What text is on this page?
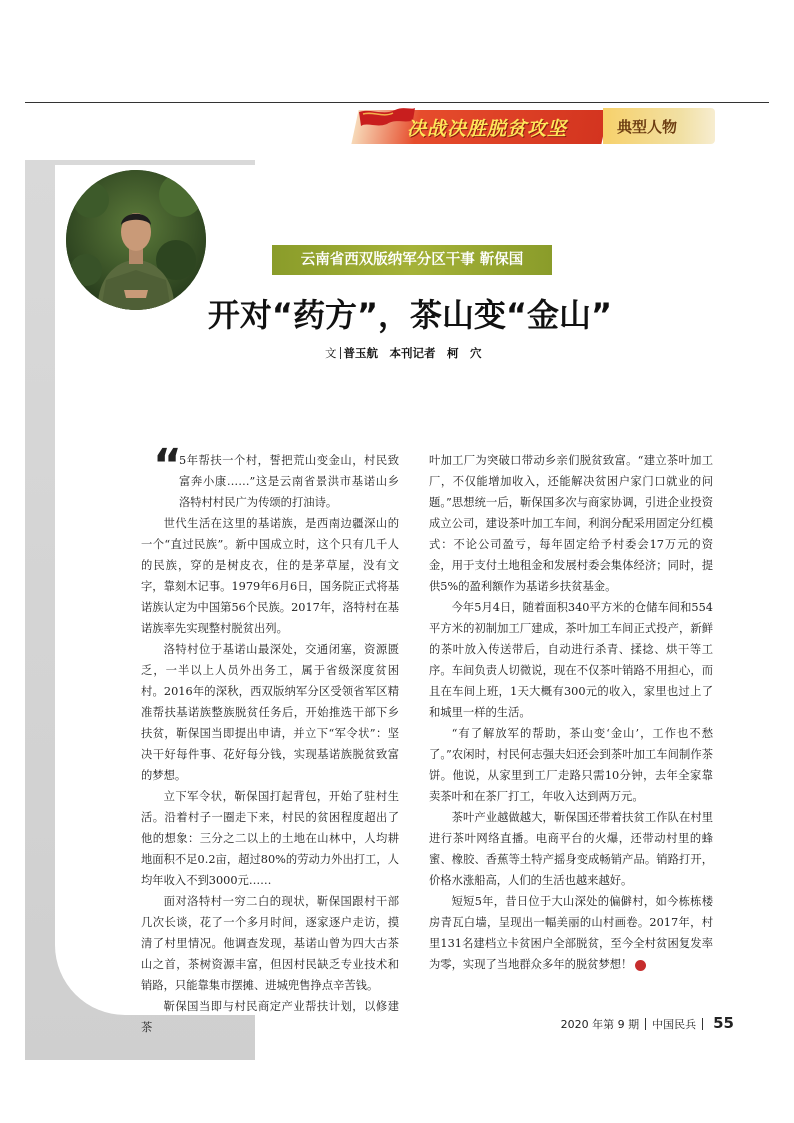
决战决胜脱贫攻坚	典型人物
云南省西双版纳军分区干事 靳保国
开对“药方”，茶山变“金山”
文 普玉航　本刊记者　柯　穴
“

5年帮扶一个村，誓把荒山变金山，村民致富奔小康……”这是云南省景洪市基诺山乡洛特村村民广为传颂的打油诗。

世代生活在这里的基诺族，是西南边疆深山的一个“直过民族”。新中国成立时，这个只有几千人的民族，穿的是树皮衣，住的是茅草屋，没有文字，靠刻木记事。1979年6月6日，国务院正式将基诺族认定为中国第56个民族。2017年，洛特村在基诺族率先实现整村脱贫出列。

洛特村位于基诺山最深处，交通闭塞，资源匮乏，一半以上人员外出务工，属于省级深度贫困村。2016年的深秋，西双版纳军分区受领省军区精准帮扶基诺族整族脱贫任务后，开始推选干部下乡扶贫，靳保国当即提出申请，并立下“军令状”：坚决干好每件事、花好每分钱，实现基诺族脱贫致富的梦想。

立下军令状，靳保国打起背包，开始了驻村生活。沿着村子一圈走下来，村民的贫困程度超出了他的想象：三分之二以上的土地在山林中，人均耕地面积不足0.2亩，超过80%的劳动力外出打工，人均年收入不到3000元……

面对洛特村一穷二白的现状，靳保国跟村干部几次长谈，花了一个多月时间，逐家逐户走访，摸清了村里情况。他调查发现，基诺山曾为四大古茶山之首，茶树资源丰富，但因村民缺乏专业技术和销路，只能靠集市摆摊、进城兜售挣点辛苦钱。

靳保国当即与村民商定产业帮扶计划，以修建茶

叶加工厂为突破口带动乡亲们脱贫致富。“建立茶叶加工厂，不仅能增加收入，还能解决贫困户家门口就业的问题。”思想统一后，靳保国多次与商家协调，引进企业投资成立公司，建设茶叶加工车间，利润分配采用固定分红模式：不论公司盈亏，每年固定给予村委会17万元的资金，用于支付土地租金和发展村委会集体经济；同时，提供5%的盈利额作为基诺乡扶贫基金。

今年5月4日，随着面积340平方米的仓储车间和554平方米的初制加工厂建成，茶叶加工车间正式投产，新鲜的茶叶放入传送带后，自动进行杀青、揉捻、烘干等工序。车间负责人切微说，现在不仅茶叶销路不用担心，而且在车间上班，1天大概有300元的收入，家里也过上了和城里一样的生活。

“有了解放军的帮助，茶山变‘金山’，工作也不愁了。”农闲时，村民何志强夫妇还会到茶叶加工车间制作茶饼。他说，从家里到工厂走路只需10分钟，去年全家靠卖茶叶和在茶厂打工，年收入达到两万元。

茶叶产业越做越大，靳保国还带着扶贫工作队在村里进行茶叶网络直播。电商平台的火爆，还带动村里的蜂蜜、橡胶、香蕉等土特产摇身变成畅销产品。销路打开，价格水涨船高，人们的生活也越来越好。

短短5年，昔日位于大山深处的偏僻村，如今栋栋楼房青瓦白墙，呈现出一幅美丽的山村画卷。2017年，村里131名建档立卡贫困户全部脱贫，至今全村贫困复发率为零，实现了当地群众多年的脱贫梦想！	✦

2020 年第 9 期 中国民兵 55
